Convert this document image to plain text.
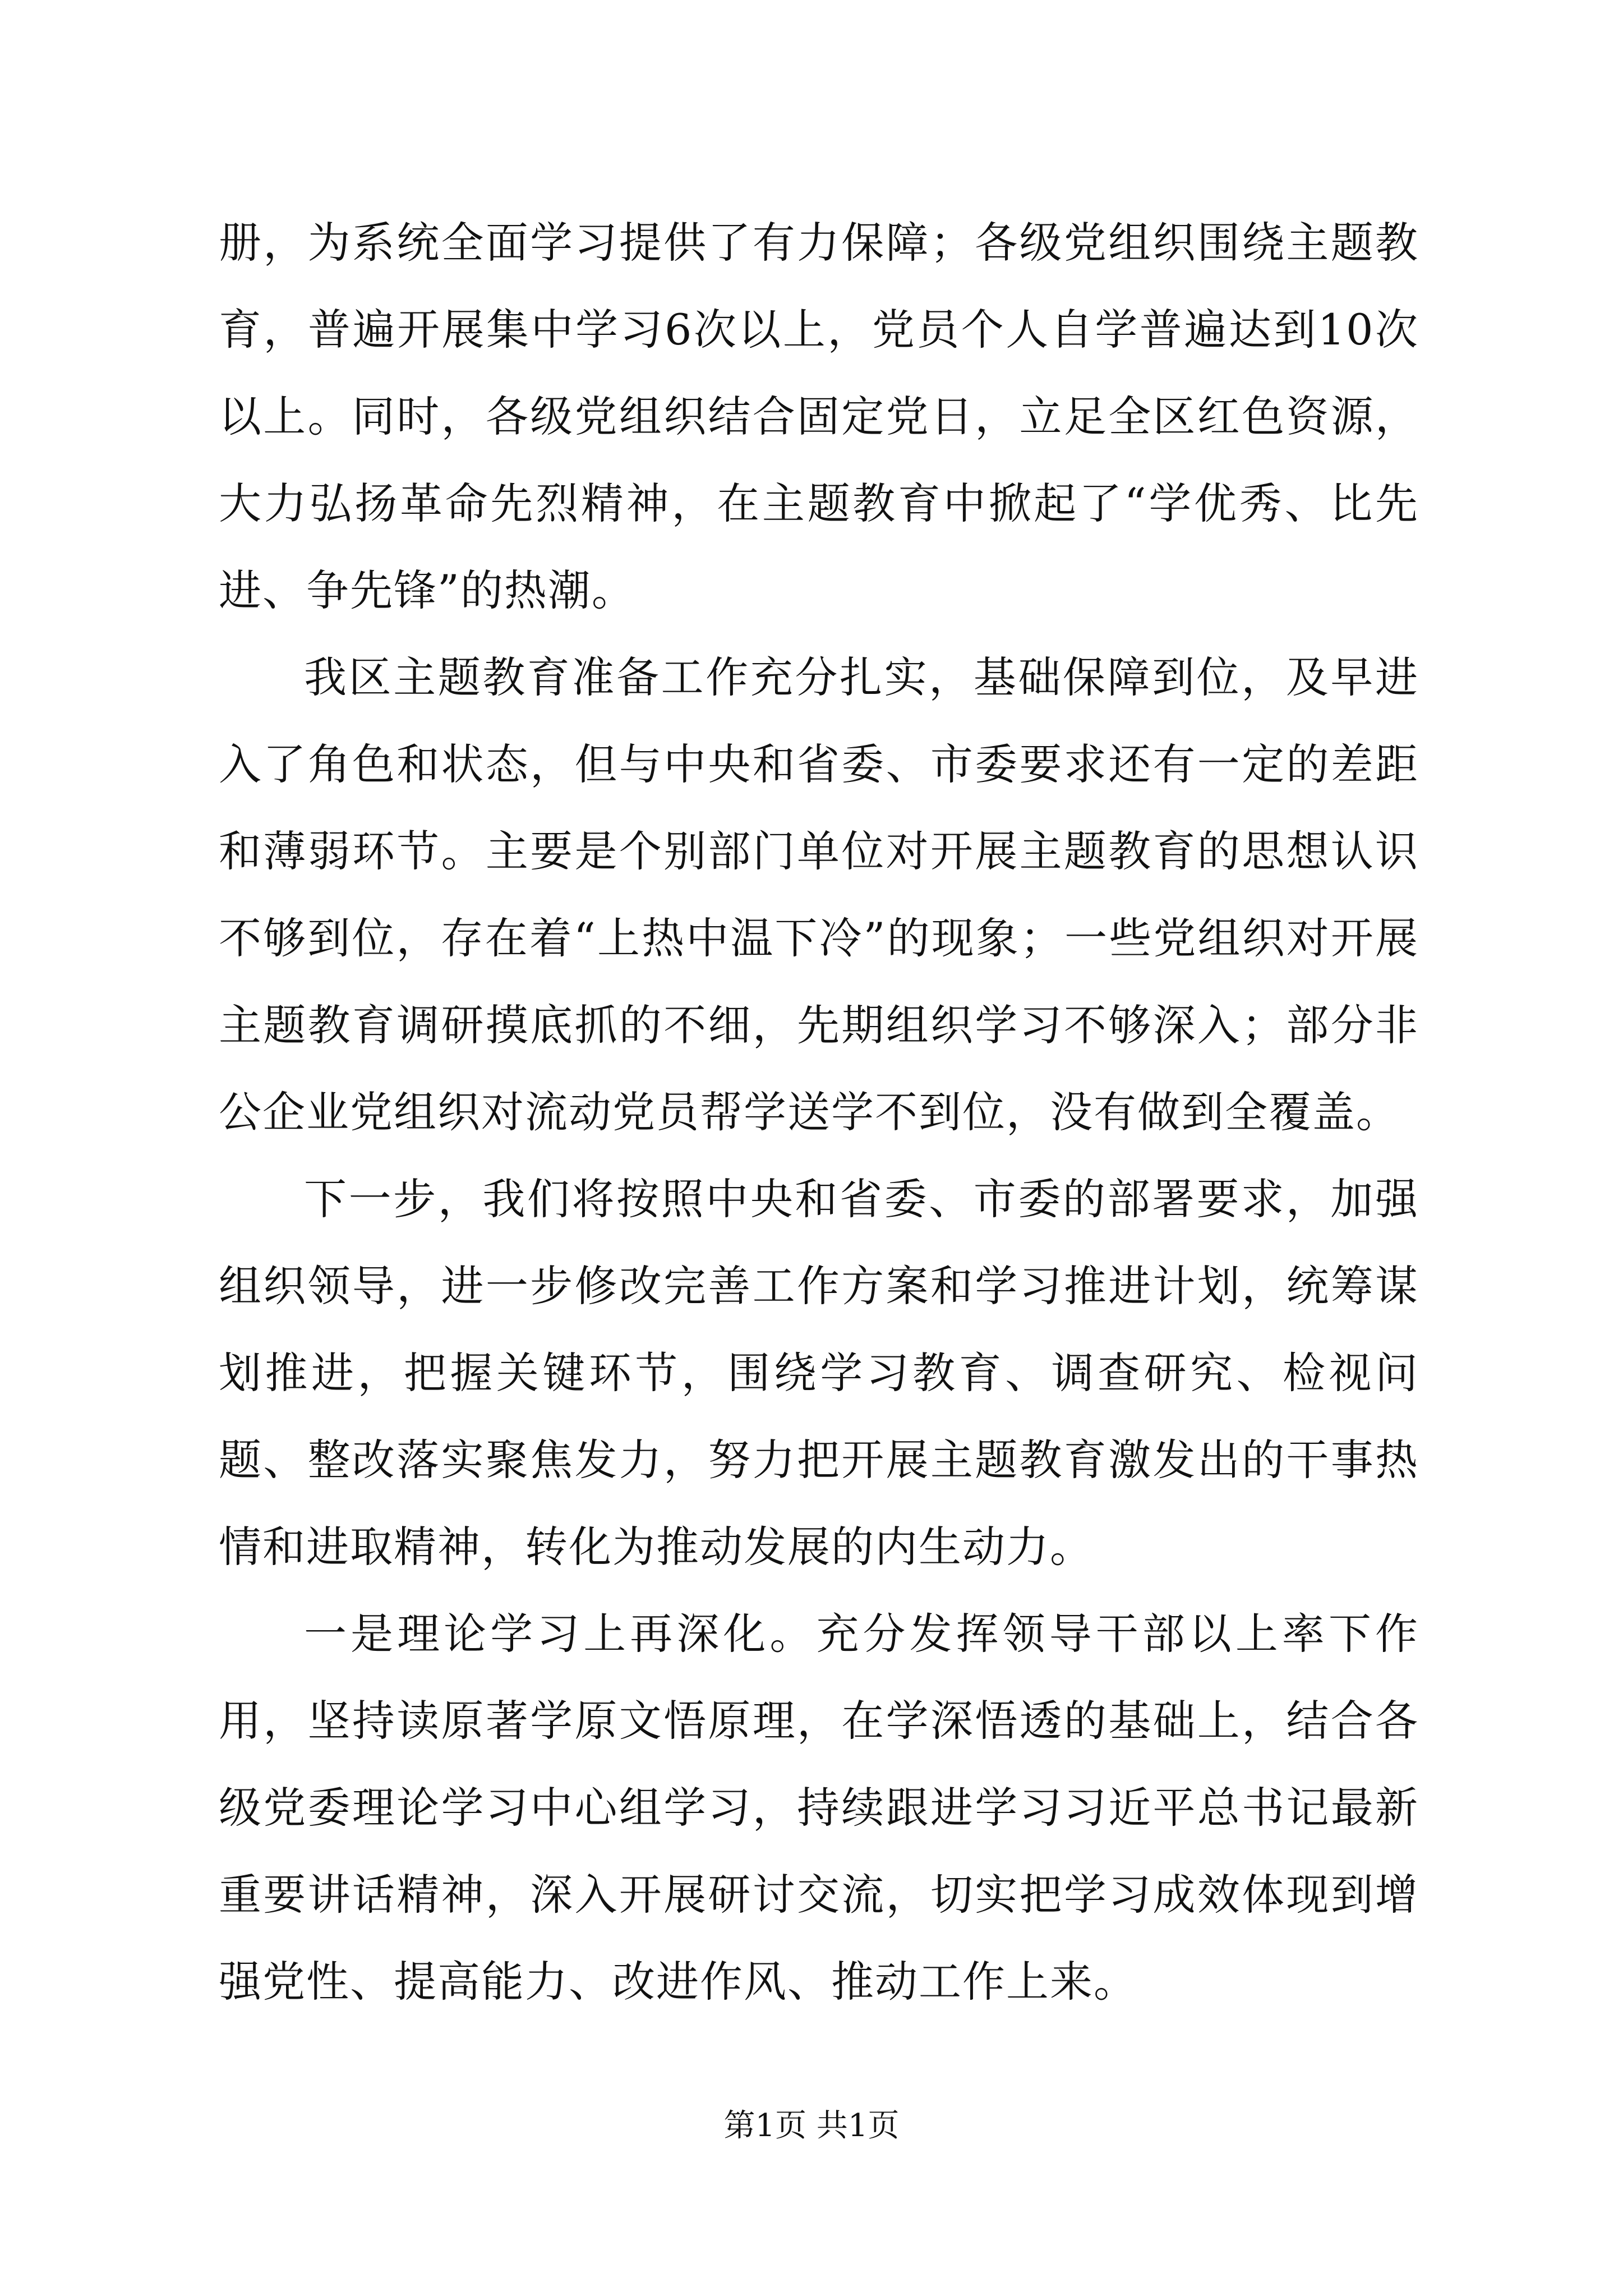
册，为系统全面学习提供了有力保障；各级党组织围绕主题教育，普遍开展集中学习6次以上，党员个人自学普遍达到10次以上。同时，各级党组织结合固定党日，立足全区红色资源，大力弘扬革命先烈精神，在主题教育中掀起了“学优秀、比先进、争先锋”的热潮。

我区主题教育准备工作充分扎实，基础保障到位，及早进入了角色和状态，但与中央和省委、市委要求还有一定的差距和薄弱环节。主要是个别部门单位对开展主题教育的思想认识不够到位，存在着“上热中温下冷”的现象；一些党组织对开展主题教育调研摸底抓的不细，先期组织学习不够深入；部分非公企业党组织对流动党员帮学送学不到位，没有做到全覆盖。

下一步，我们将按照中央和省委、市委的部署要求，加强组织领导，进一步修改完善工作方案和学习推进计划，统筹谋划推进，把握关键环节，围绕学习教育、调查研究、检视问题、整改落实聚焦发力，努力把开展主题教育激发出的干事热情和进取精神，转化为推动发展的内生动力。

一是理论学习上再深化。充分发挥领导干部以上率下作用，坚持读原著学原文悟原理，在学深悟透的基础上，结合各级党委理论学习中心组学习，持续跟进学习习近平总书记最新重要讲话精神，深入开展研讨交流，切实把学习成效体现到增强党性、提高能力、改进作风、推动工作上来。

第1页 共1页
